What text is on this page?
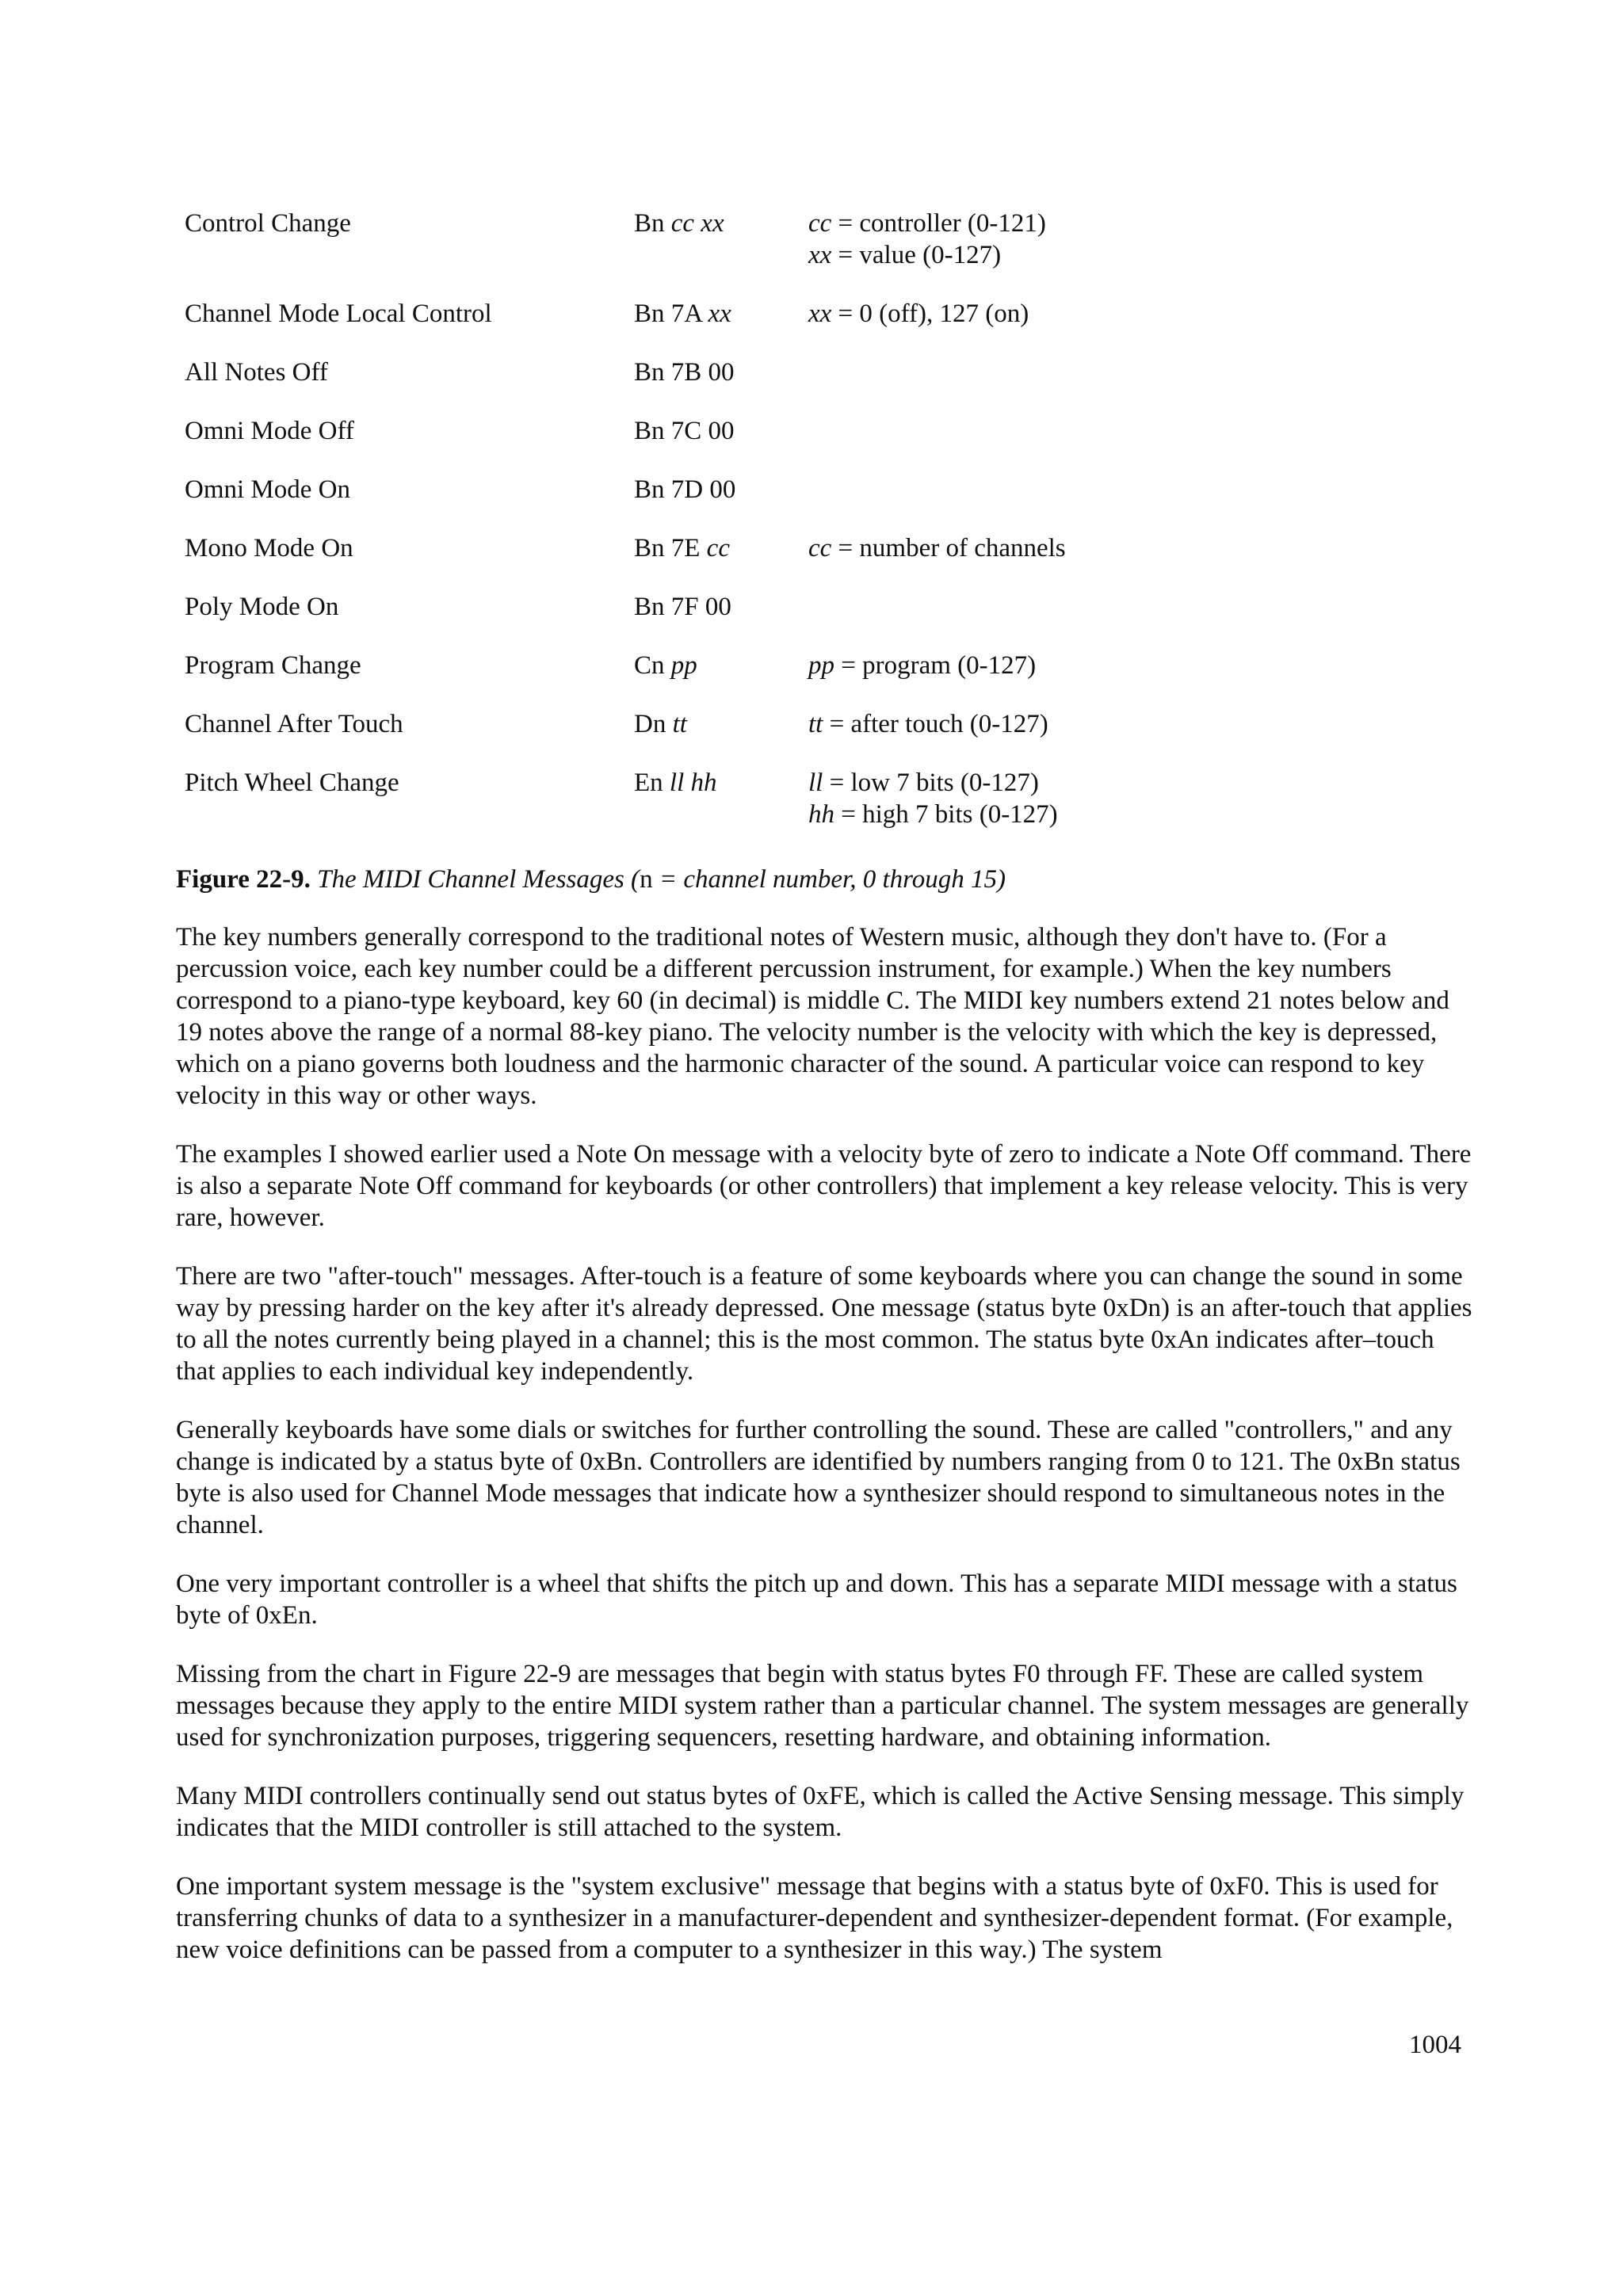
Control Change	Bn cc xx	cc = controller (0-121)
xx = value (0-127)
Channel Mode Local Control	Bn 7A xx	xx = 0 (off), 127 (on)
All Notes Off	Bn 7B 00
Omni Mode Off	Bn 7C 00
Omni Mode On	Bn 7D 00
Mono Mode On	Bn 7E cc	cc = number of channels
Poly Mode On	Bn 7F 00
Program Change	Cn pp	pp = program (0-127)
Channel After Touch	Dn tt	tt = after touch (0-127)
Pitch Wheel Change	En ll hh	ll = low 7 bits (0-127)
hh = high 7 bits (0-127)
Figure 22-9. The MIDI Channel Messages (n = channel number, 0 through 15)

The key numbers generally correspond to the traditional notes of Western music, although they don't have to. (For a percussion voice, each key number could be a different percussion instrument, for example.) When the key numbers correspond to a piano-type keyboard, key 60 (in decimal) is middle C. The MIDI key numbers extend 21 notes below and 19 notes above the range of a normal 88-key piano. The velocity number is the velocity with which the key is depressed, which on a piano governs both loudness and the harmonic character of the sound. A particular voice can respond to key velocity in this way or other ways.

The examples I showed earlier used a Note On message with a velocity byte of zero to indicate a Note Off command. There is also a separate Note Off command for keyboards (or other controllers) that implement a key release velocity. This is very rare, however.

There are two "after-touch" messages. After-touch is a feature of some keyboards where you can change the sound in some way by pressing harder on the key after it's already depressed. One message (status byte 0xDn) is an after-touch that applies to all the notes currently being played in a channel; this is the most common. The status byte 0xAn indicates after–touch that applies to each individual key independently.

Generally keyboards have some dials or switches for further controlling the sound. These are called "controllers," and any change is indicated by a status byte of 0xBn. Controllers are identified by numbers ranging from 0 to 121. The 0xBn status byte is also used for Channel Mode messages that indicate how a synthesizer should respond to simultaneous notes in the channel.

One very important controller is a wheel that shifts the pitch up and down. This has a separate MIDI message with a status byte of 0xEn.

Missing from the chart in Figure 22-9 are messages that begin with status bytes F0 through FF. These are called system messages because they apply to the entire MIDI system rather than a particular channel. The system messages are generally used for synchronization purposes, triggering sequencers, resetting hardware, and obtaining information.

Many MIDI controllers continually send out status bytes of 0xFE, which is called the Active Sensing message. This simply indicates that the MIDI controller is still attached to the system.

One important system message is the "system exclusive" message that begins with a status byte of 0xF0. This is used for transferring chunks of data to a synthesizer in a manufacturer-dependent and synthesizer-dependent format. (For example, new voice definitions can be passed from a computer to a synthesizer in this way.) The system

1004
